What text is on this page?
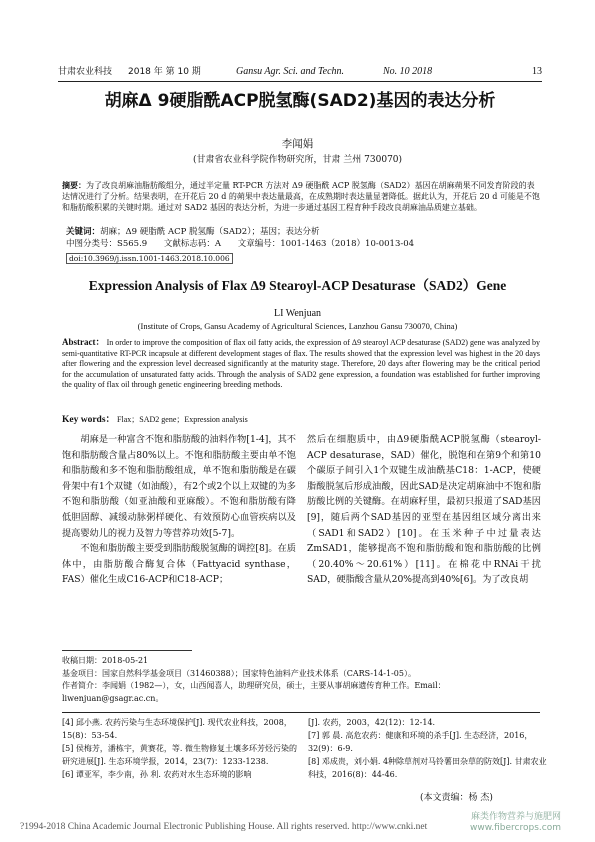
甘肃农业科技 2018 年 第 10 期	Gansu Agr. Sci. and Techn.	No. 10 2018	13
胡麻Δ 9硬脂酰ACP脱氢酶(SAD2)基因的表达分析
李闻娟
(甘肃省农业科学院作物研究所，甘肃 兰州 730070)
摘要：为了改良胡麻油脂肪酸组分，通过半定量 RT-PCR 方法对 Δ9 硬脂酰 ACP 脱氢酶（SAD2）基因在胡麻蒴果不同发育阶段的表达情况进行了分析。结果表明，在开花后 20 d 的蒴果中表达量最高，在成熟期时表达量显著降低。据此认为，开花后 20 d 可能是不饱和脂肪酸积累的关键时期。通过对 SAD2 基因的表达分析，为进一步通过基因工程育种手段改良胡麻油品质建立基础。
关键词：胡麻；Δ9 硬脂酰 ACP 脱氢酶（SAD2）；基因；表达分析
中图分类号：S565.9 文献标志码：A 文章编号：1001-1463（2018）10-0013-04
doi:10.3969/j.issn.1001-1463.2018.10.006
Expression Analysis of Flax Δ9 Stearoyl-ACP Desaturase（SAD2）Gene
LI Wenjuan
(Institute of Crops, Gansu Academy of Agricultural Sciences, Lanzhou Gansu 730070, China)
Abstract： In order to improve the composition of flax oil fatty acids, the expression of Δ9 stearoyl ACP desaturase (SAD2) gene was analyzed by semi-quantitative RT-PCR incapsule at different development stages of flax. The results showed that the expression level was highest in the 20 days after flowering and the expression level decreased significantly at the maturity stage. Therefore, 20 days after flowering may be the critical period for the accumulation of unsaturated fatty acids. Through the analysis of SAD2 gene expression, a foundation was established for further improving the quality of flax oil through genetic engineering breeding methods.
Key words： Flax；SAD2 gene；Expression analysis

胡麻是一种富含不饱和脂肪酸的油料作物[1-4]，其不饱和脂肪酸含量占80%以上。不饱和脂肪酸主要由单不饱和脂肪酸和多不饱和脂肪酸组成，单不饱和脂肪酸是在碳骨架中有1个双键（如油酸），有2个或2个以上双键的为多不饱和脂肪酸（如亚油酸和亚麻酸）。不饱和脂肪酸有降低胆固醇、减缓动脉粥样硬化、有效预防心血管疾病以及提高婴幼儿的视力及智力等营养功效[5-7]。

不饱和脂肪酸主要受到脂肪酸脱氢酶的调控[8]。在质体中，由脂肪酸合酶复合体（Fattyacid synthase，FAS）催化生成C16-ACP和C18-ACP；

然后在细胞质中，由Δ9硬脂酰ACP脱氢酶（stearoyl-ACP desaturase，SAD）催化，脱饱和在第9个和第10个碳原子间引入1个双键生成油酰基C18：1-ACP，使硬脂酸脱氢后形成油酸，因此SAD是决定胡麻油中不饱和脂肪酸比例的关键酶。在胡麻籽里，最初只报道了SAD基因[9]，随后两个SAD基因的亚型在基因组区域分离出来（SAD1和SAD2）[10]。在玉米种子中过量表达ZmSAD1，能够提高不饱和脂肪酸和饱和脂肪酸的比例（20.40%～20.61%）[11]。在棉花中RNAi干扰SAD，硬脂酸含量从20%提高到40%[6]。为了改良胡

收稿日期：2018-05-21
基金项目：国家自然科学基金项目（31460388）；国家特色油料产业技术体系（CARS-14-1-05）。
作者简介：李闻娟（1982—），女，山西闻喜人，助理研究员，硕士，主要从事胡麻遗传育种工作。Email：liwenjuan@gsagr.ac.cn。
[4] 邱小燕. 农药污染与生态环境保护[J]. 现代农业科技，2008，15(8)：53-54.
[5] 侯梅芳，潘栋宇，黄赛花，等. 微生物修复土壤多环芳烃污染的研究进展[J]. 生态环境学报，2014，23(7)：1233-1238.
[6] 谭亚军，李少南，孙 利. 农药对水生态环境的影响
[J]. 农药，2003，42(12)：12-14.
[7] 郭 晨. 高危农药：健康和环境的杀手[J]. 生态经济，2016，32(9)：6-9.
[8] 邓成贵，刘小娟. 4种除草剂对马铃薯田杂草的防效[J]. 甘肃农业科技，2016(8)：44-46.
(本文责编：杨 杰)
?1994-2018 China Academic Journal Electronic Publishing House. All rights reserved. http://www.cnki.net
麻类作物营养与施肥网
www.fibercrops.com
